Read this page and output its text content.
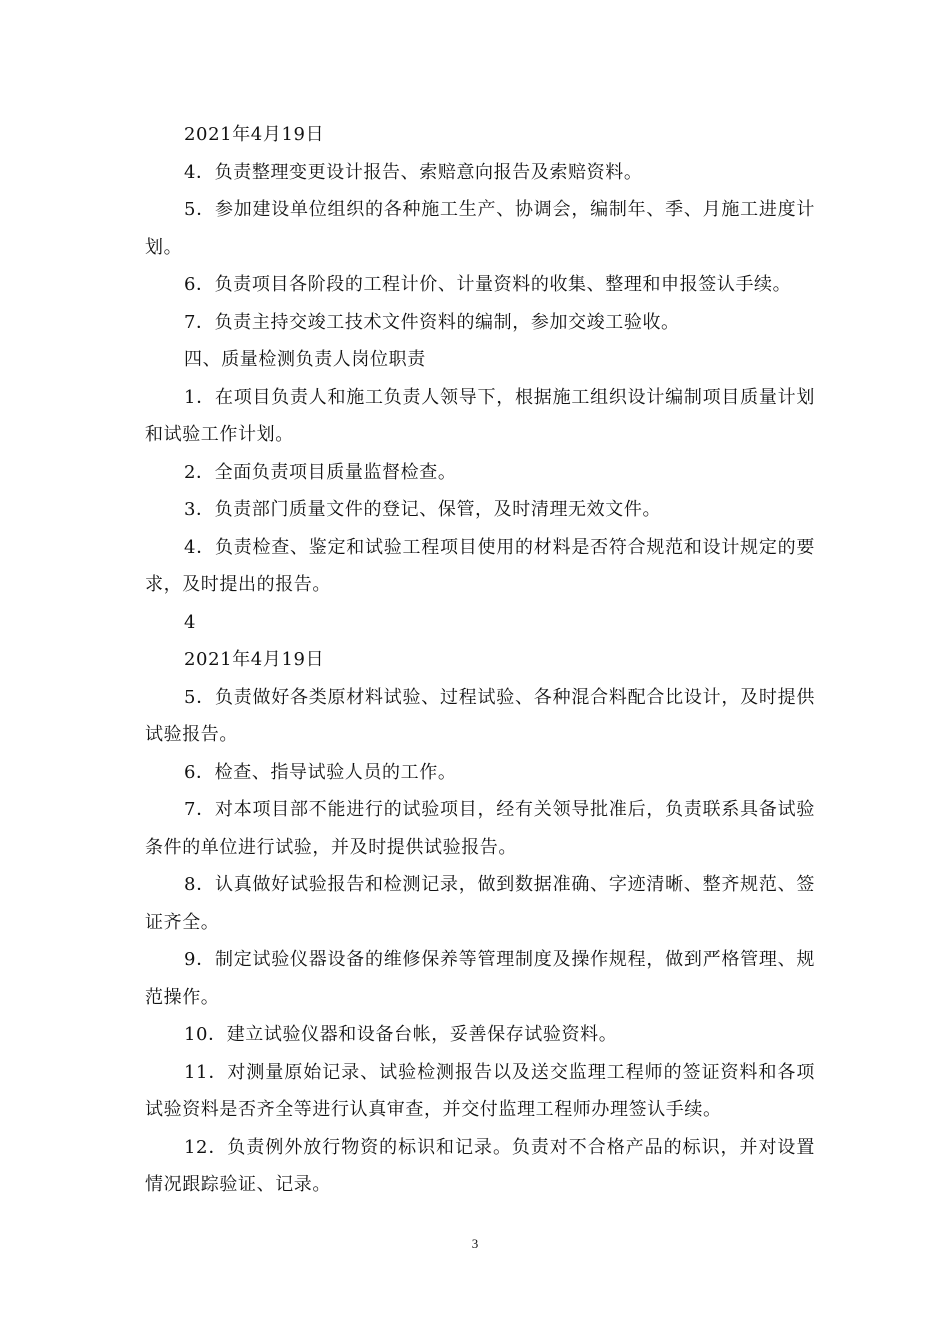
2021年4月19日

4．负责整理变更设计报告、索赔意向报告及索赔资料。

5．参加建设单位组织的各种施工生产、协调会，编制年、季、月施工进度计划。

6．负责项目各阶段的工程计价、计量资料的收集、整理和申报签认手续。

7．负责主持交竣工技术文件资料的编制，参加交竣工验收。

四、质量检测负责人岗位职责

1．在项目负责人和施工负责人领导下，根据施工组织设计编制项目质量计划和试验工作计划。

2．全面负责项目质量监督检查。

3．负责部门质量文件的登记、保管，及时清理无效文件。

4．负责检查、鉴定和试验工程项目使用的材料是否符合规范和设计规定的要求，及时提出的报告。

4

2021年4月19日

5．负责做好各类原材料试验、过程试验、各种混合料配合比设计，及时提供试验报告。

6．检查、指导试验人员的工作。

7．对本项目部不能进行的试验项目，经有关领导批准后，负责联系具备试验条件的单位进行试验，并及时提供试验报告。

8．认真做好试验报告和检测记录，做到数据准确、字迹清晰、整齐规范、签证齐全。

9．制定试验仪器设备的维修保养等管理制度及操作规程，做到严格管理、规范操作。

10．建立试验仪器和设备台帐，妥善保存试验资料。

11．对测量原始记录、试验检测报告以及送交监理工程师的签证资料和各项试验资料是否齐全等进行认真审查，并交付监理工程师办理签认手续。

12．负责例外放行物资的标识和记录。负责对不合格产品的标识，并对设置情况跟踪验证、记录。

3
